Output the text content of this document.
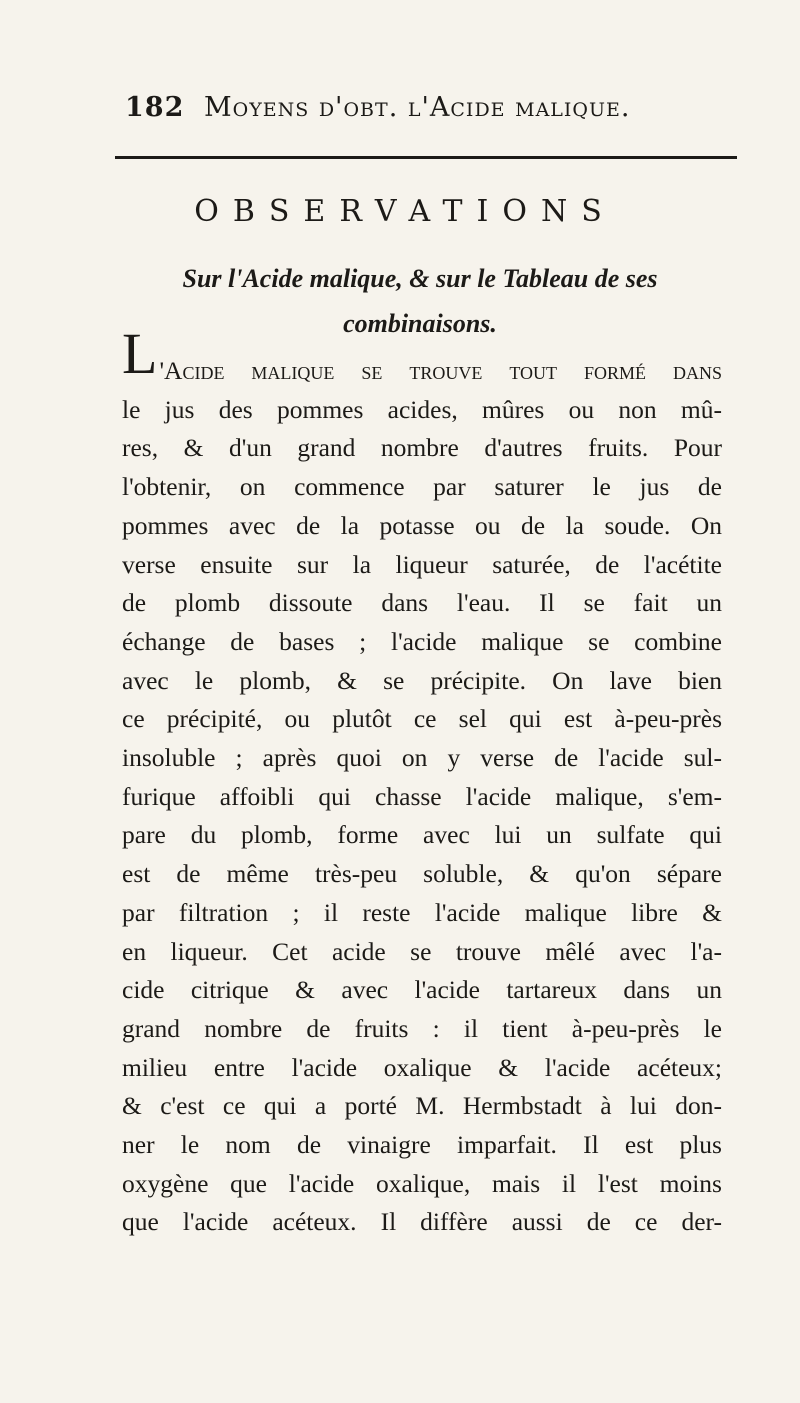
182 Moyens d'obt. l'Acide malique.
OBSERVATIONS
Sur l'Acide malique, & sur le Tableau de ses
combinaisons.
L 'Acide malique se trouve tout formé dans
le jus des pommes acides, mûres ou non mû-
res, & d'un grand nombre d'autres fruits. Pour
l'obtenir, on commence par saturer le jus de
pommes avec de la potasse ou de la soude. On
verse ensuite sur la liqueur saturée, de l'acétite
de plomb dissoute dans l'eau. Il se fait un
échange de bases ; l'acide malique se combine
avec le plomb, & se précipite. On lave bien
ce précipité, ou plutôt ce sel qui est à-peu-près
insoluble ; après quoi on y verse de l'acide sul-
furique affoibli qui chasse l'acide malique, s'em-
pare du plomb, forme avec lui un sulfate qui
est de même très-peu soluble, & qu'on sépare
par filtration ; il reste l'acide malique libre &
en liqueur. Cet acide se trouve mêlé avec l'a-
cide citrique & avec l'acide tartareux dans un
grand nombre de fruits : il tient à-peu-près le
milieu entre l'acide oxalique & l'acide acéteux;
& c'est ce qui a porté M. Hermbstadt à lui don-
ner le nom de vinaigre imparfait. Il est plus
oxygène que l'acide oxalique, mais il l'est moins
que l'acide acéteux. Il diffère aussi de ce der-
